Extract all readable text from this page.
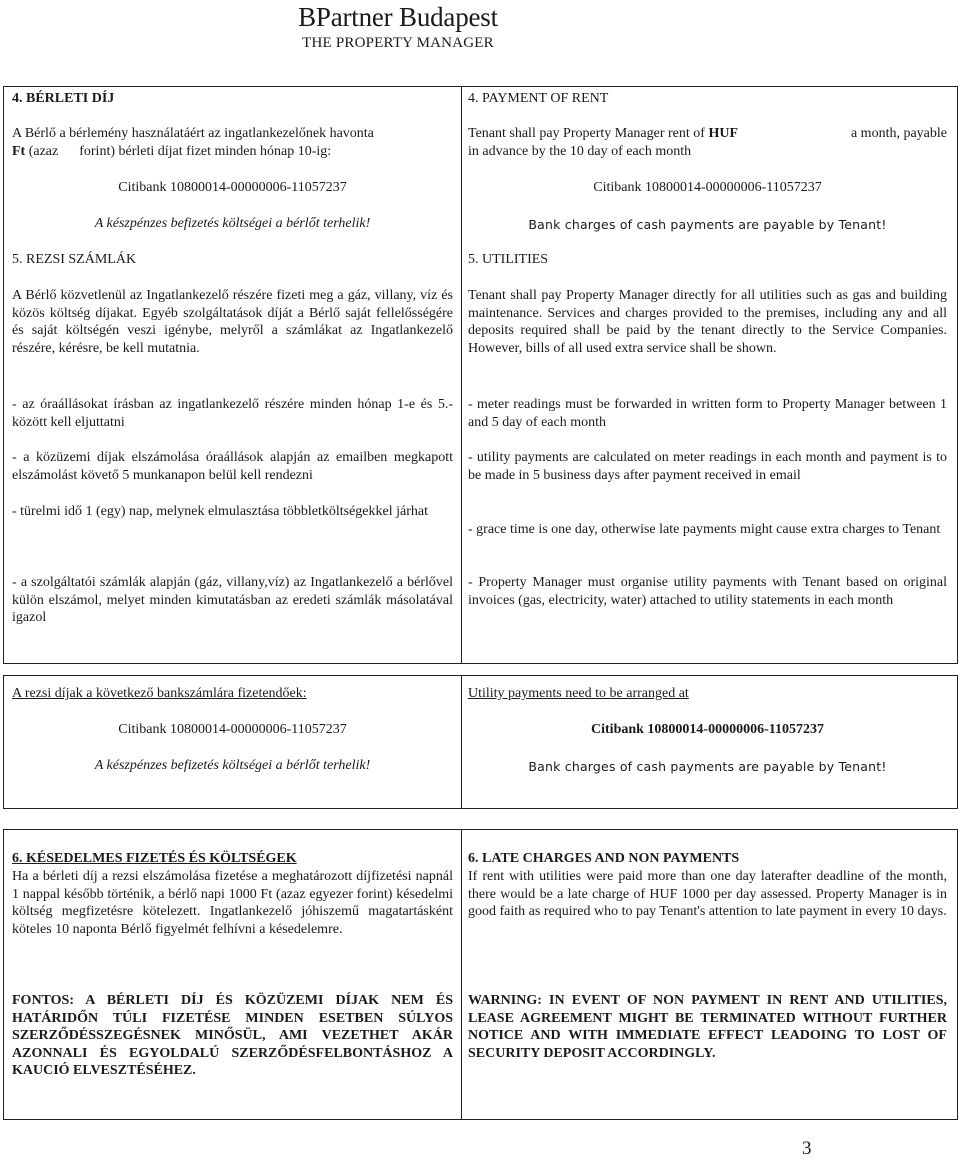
BPartner Budapest
THE PROPERTY MANAGER
4. BÉRLETI DÍJ
A Bérlő a bérlemény használatáért az ingatlankezelőnek havonta
Ft (azaz      forint) bérleti díjat fizet minden hónap 10-ig:
Citibank 10800014-00000006-11057237
A készpénzes befizetés költségei a bérlőt terhelik!
5. REZSI SZÁMLÁK
A Bérlő közvetlenül az Ingatlankezelő részére fizeti meg a gáz, villany, víz és közös költség díjakat. Egyéb szolgáltatások díját a Bérlő saját fellelősségére és saját költségén veszi igénybe, melyről a számlákat az Ingatlankezelő részére, kérésre, be kell mutatnia.
- az óraállásokat írásban az ingatlankezelő részére minden hónap 1-e és 5.- között kell eljuttatni
- a közüzemi díjak elszámolása óraállások alapján az emailben megkapott elszámolást követő 5 munkanapon belül kell rendezni
- türelmi idő 1 (egy) nap, melynek elmulasztása többletköltségekkel járhat
- a szolgáltatói számlák alapján (gáz, villany,víz) az Ingatlankezelő a bérlővel külön elszámol, melyet minden kimutatásban az eredeti számlák másolatával igazol
4. PAYMENT OF RENT
Tenant shall pay Property Manager rent of HUF	a month, payable
in advance by the 10 day of each month
Citibank 10800014-00000006-11057237
Bank charges of cash payments are payable by Tenant!
5. UTILITIES
Tenant shall pay Property Manager directly for all utilities such as gas and building maintenance. Services and charges provided to the premises, including any and all deposits required shall be paid by the tenant directly to the Service Companies. However, bills of all used extra service shall be shown.
- meter readings must be forwarded in written form to Property Manager between 1 and 5 day of each month
- utility payments are calculated on meter readings in each month and payment is to be made in 5 business days after payment received in email
- grace time is one day, otherwise late payments might cause extra charges to Tenant
- Property Manager must organise utility payments with Tenant based on original invoices (gas, electricity, water) attached to utility statements in each month
A rezsi díjak a következő bankszámlára fizetendőek:
Citibank 10800014-00000006-11057237
A készpénzes befizetés költségei a bérlőt terhelik!
Utility payments need to be arranged at
Citibank 10800014-00000006-11057237
Bank charges of cash payments are payable by Tenant!
6. KÉSEDELMES FIZETÉS ÉS KÖLTSÉGEK
Ha a bérleti díj a rezsi elszámolása fizetése a meghatározott díjfizetési napnál 1 nappal később történik, a bérlő napi 1000 Ft (azaz egyezer forint) késedelmi költség megfizetésre kötelezett. Ingatlankezelő jóhiszemű magatartásként köteles 10 naponta Bérlő figyelmét felhívni a késedelemre.
FONTOS: A BÉRLETI DÍJ ÉS KÖZÜZEMI DÍJAK NEM ÉS HATÁRIDŐN TÚLI FIZETÉSE MINDEN ESETBEN SÚLYOS SZERZŐDÉSSZEGÉSNEK MINŐSÜL, AMI VEZETHET AKÁR AZONNALI ÉS EGYOLDALÚ SZERZŐDÉSFELBONTÁSHOZ A KAUCIÓ ELVESZTÉSÉHEZ.
6. LATE CHARGES AND NON PAYMENTS
If rent with utilities were paid more than one day laterafter deadline of the month, there would be a late charge of HUF 1000 per day assessed. Property Manager is in good faith as required who to pay Tenant's attention to late payment in every 10 days.
WARNING: IN EVENT OF NON PAYMENT IN RENT AND UTILITIES, LEASE AGREEMENT MIGHT BE TERMINATED WITHOUT FURTHER NOTICE AND WITH IMMEDIATE EFFECT LEADOING TO LOST OF SECURITY DEPOSIT ACCORDINGLY.
3
